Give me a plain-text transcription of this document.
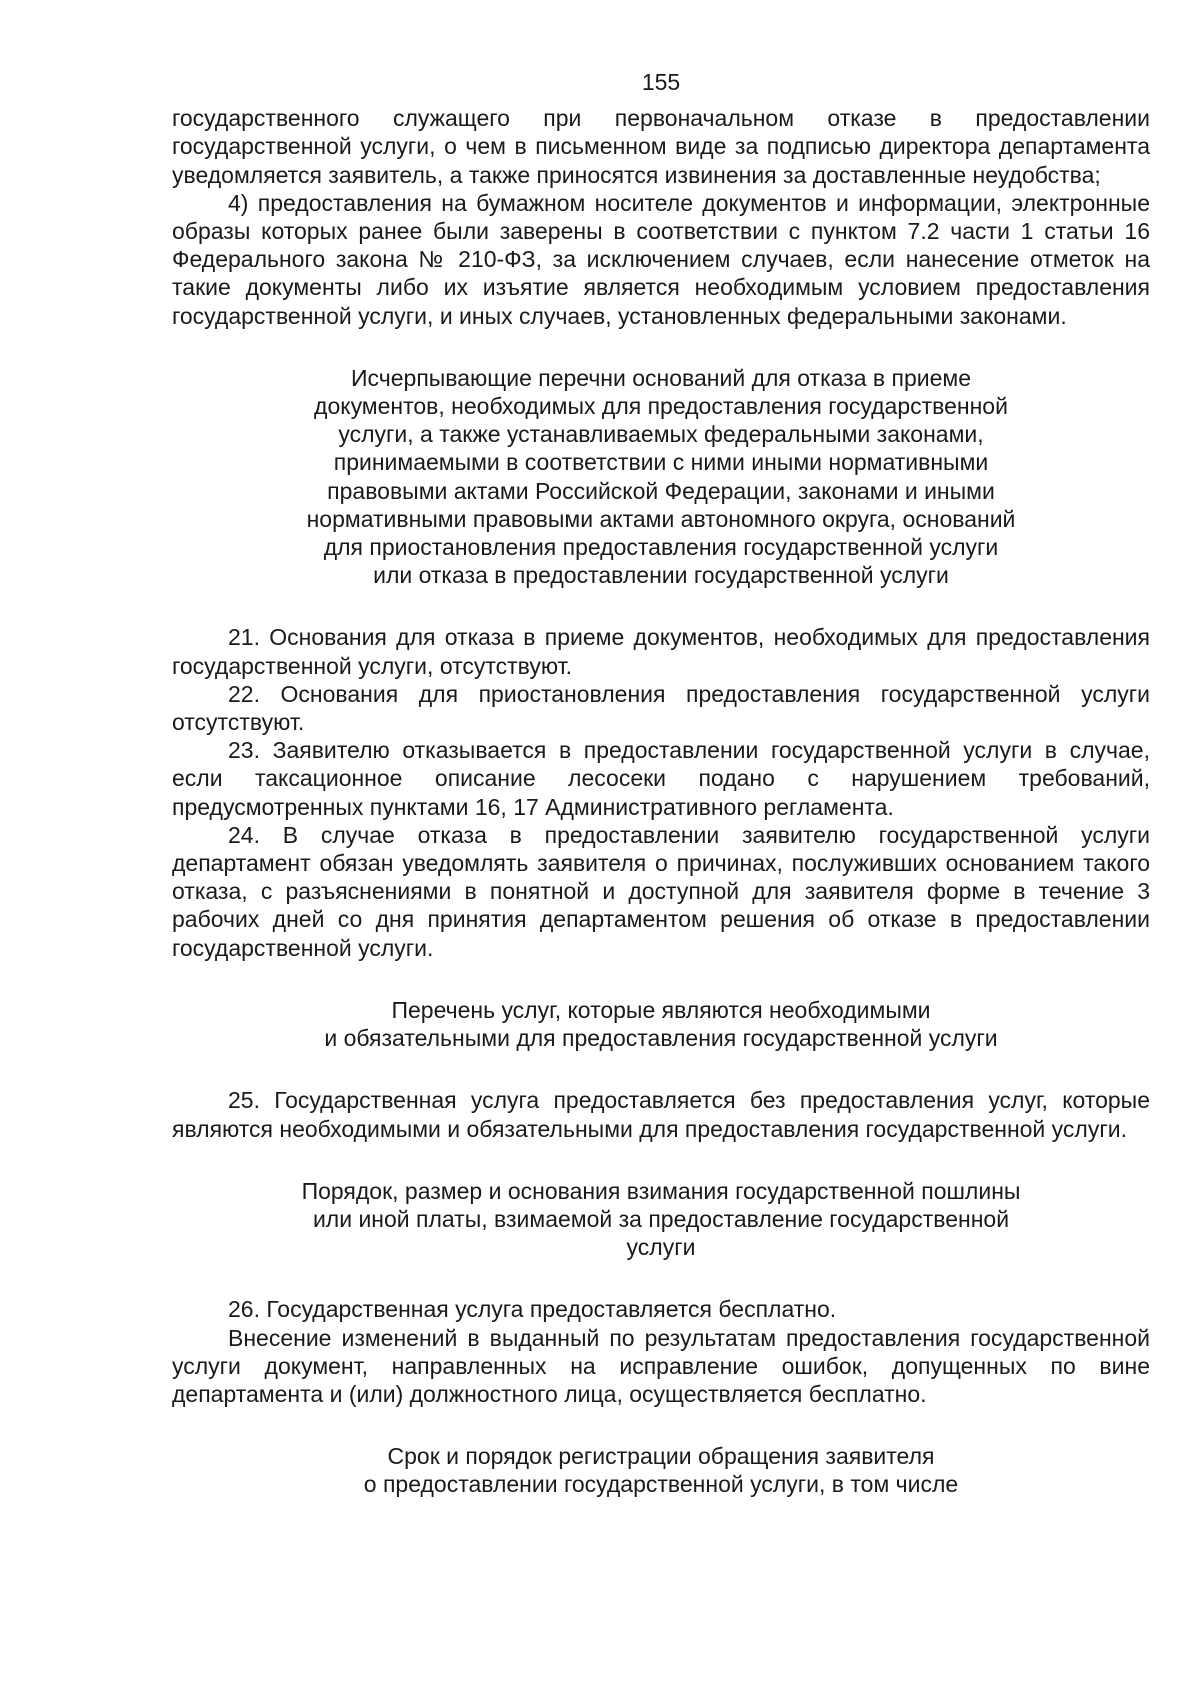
155

государственного служащего при первоначальном отказе в предоставлении государственной услуги, о чем в письменном виде за подписью директора департамента уведомляется заявитель, а также приносятся извинения за доставленные неудобства;

4) предоставления на бумажном носителе документов и информации, электронные образы которых ранее были заверены в соответствии с пунктом 7.2 части 1 статьи 16 Федерального закона № 210-ФЗ, за исключением случаев, если нанесение отметок на такие документы либо их изъятие является необходимым условием предоставления государственной услуги, и иных случаев, установленных федеральными законами.

Исчерпывающие перечни оснований для отказа в приеме
документов, необходимых для предоставления государственной
услуги, а также устанавливаемых федеральными законами,
принимаемыми в соответствии с ними иными нормативными
правовыми актами Российской Федерации, законами и иными
нормативными правовыми актами автономного округа, оснований
для приостановления предоставления государственной услуги
или отказа в предоставлении государственной услуги

21. Основания для отказа в приеме документов, необходимых для предоставления государственной услуги, отсутствуют.

22. Основания для приостановления предоставления государственной услуги отсутствуют.

23. Заявителю отказывается в предоставлении государственной услуги в случае, если таксационное описание лесосеки подано с нарушением требований, предусмотренных пунктами 16, 17 Административного регламента.

24. В случае отказа в предоставлении заявителю государственной услуги департамент обязан уведомлять заявителя о причинах, послуживших основанием такого отказа, с разъяснениями в понятной и доступной для заявителя форме в течение 3 рабочих дней со дня принятия департаментом решения об отказе в предоставлении государственной услуги.

Перечень услуг, которые являются необходимыми
и обязательными для предоставления государственной услуги

25. Государственная услуга предоставляется без предоставления услуг, которые являются необходимыми и обязательными для предоставления государственной услуги.

Порядок, размер и основания взимания государственной пошлины
или иной платы, взимаемой за предоставление государственной
услуги

26. Государственная услуга предоставляется бесплатно.

Внесение изменений в выданный по результатам предоставления государственной услуги документ, направленных на исправление ошибок, допущенных по вине департамента и (или) должностного лица, осуществляется бесплатно.

Срок и порядок регистрации обращения заявителя
о предоставлении государственной услуги, в том числе
